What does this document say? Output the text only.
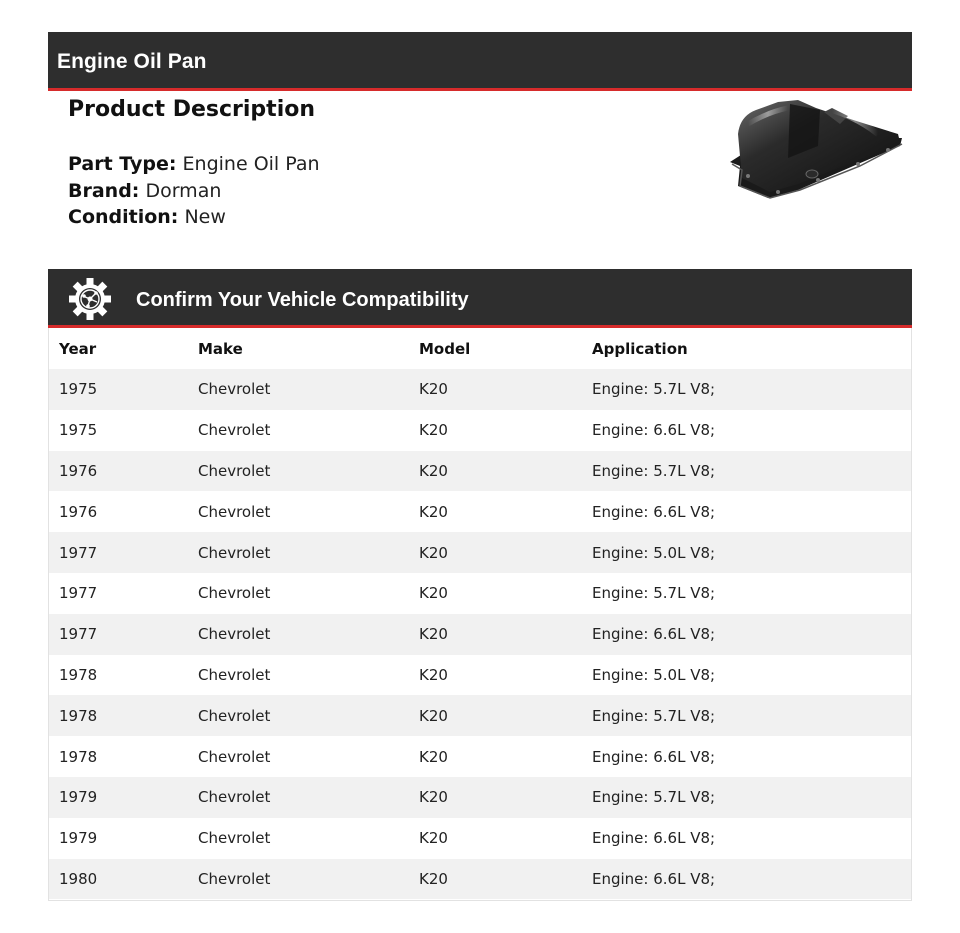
Engine Oil Pan
Product Description
Part Type: Engine Oil Pan
Brand: Dorman
Condition: New
Confirm Your Vehicle Compatibility
Year	Make	Model	Application
1975	Chevrolet	K20	Engine: 5.7L V8;
1975	Chevrolet	K20	Engine: 6.6L V8;
1976	Chevrolet	K20	Engine: 5.7L V8;
1976	Chevrolet	K20	Engine: 6.6L V8;
1977	Chevrolet	K20	Engine: 5.0L V8;
1977	Chevrolet	K20	Engine: 5.7L V8;
1977	Chevrolet	K20	Engine: 6.6L V8;
1978	Chevrolet	K20	Engine: 5.0L V8;
1978	Chevrolet	K20	Engine: 5.7L V8;
1978	Chevrolet	K20	Engine: 6.6L V8;
1979	Chevrolet	K20	Engine: 5.7L V8;
1979	Chevrolet	K20	Engine: 6.6L V8;
1980	Chevrolet	K20	Engine: 6.6L V8;
